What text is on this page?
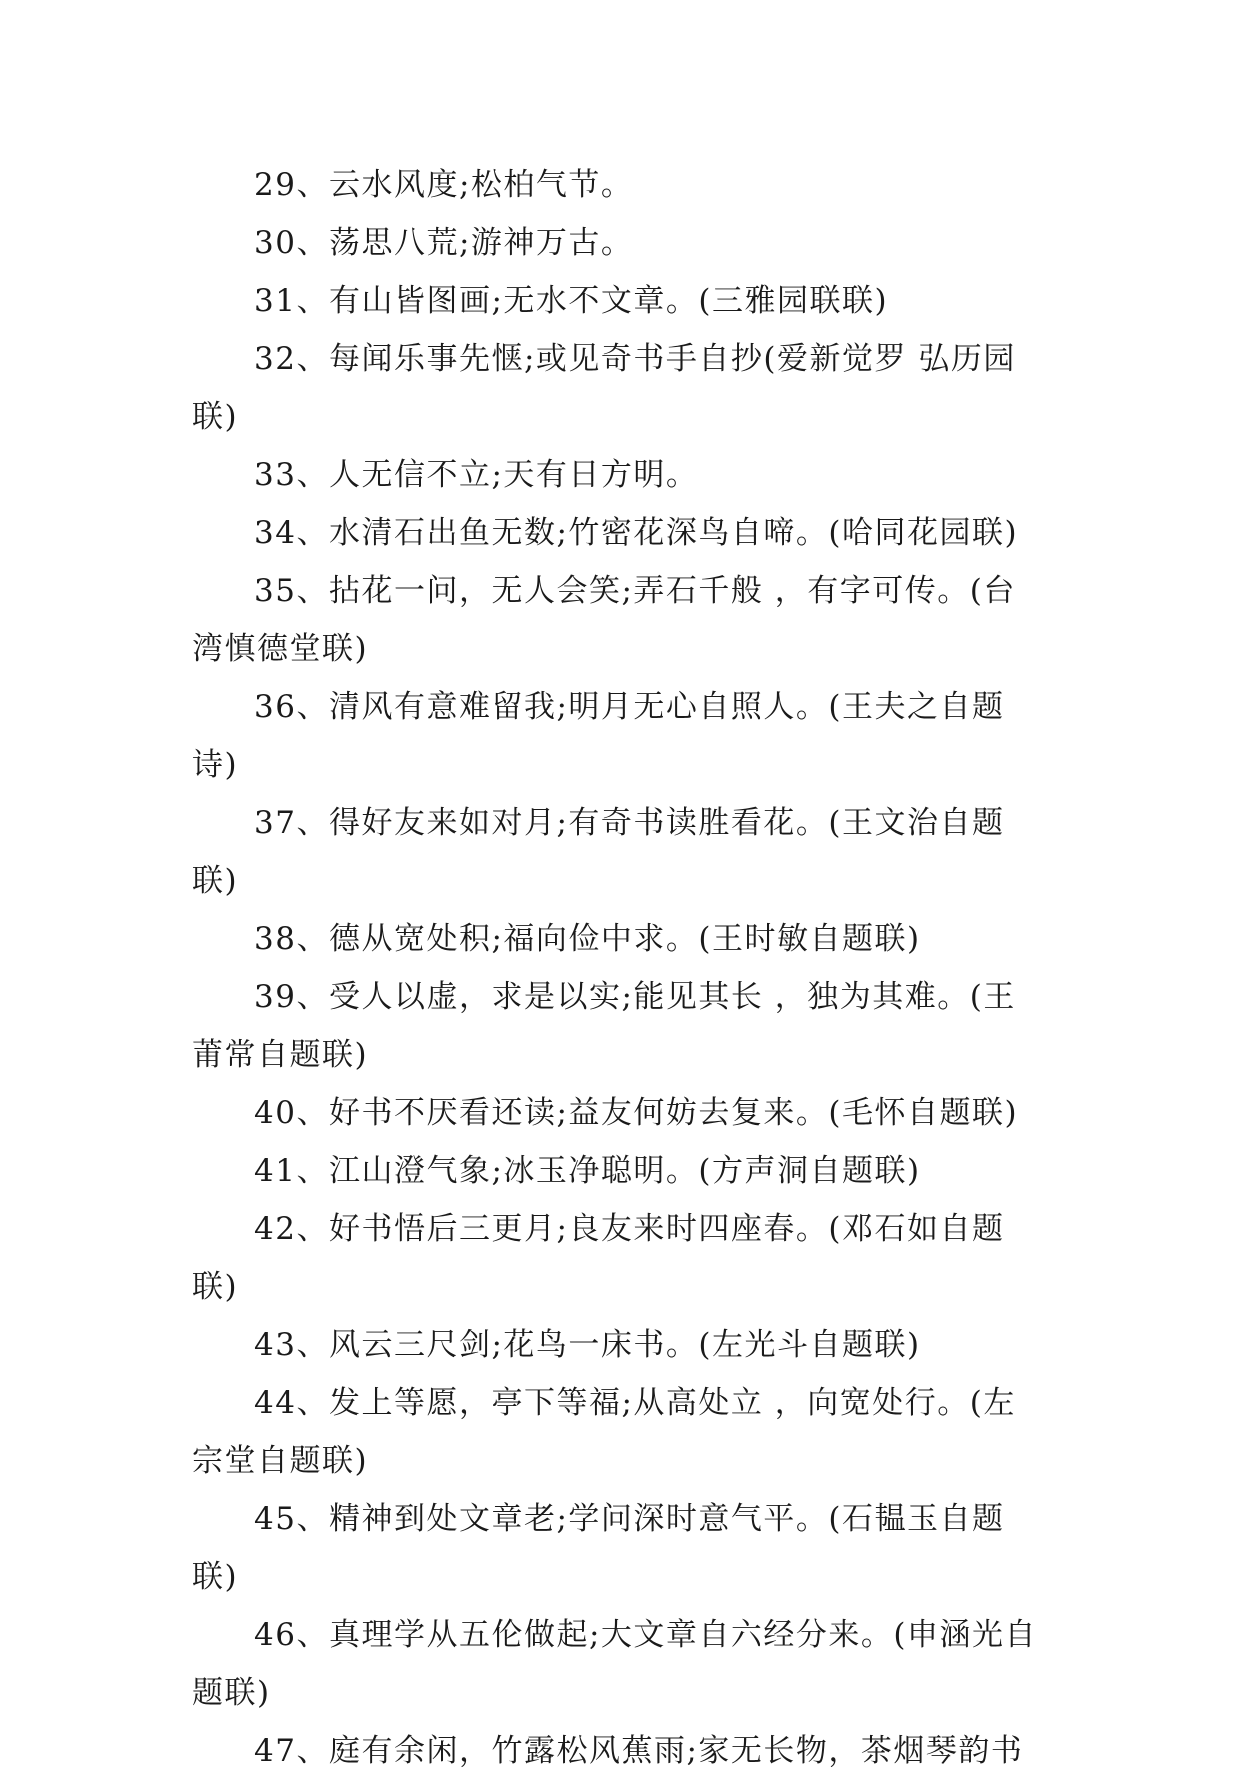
29、云水风度;松柏气节。

30、荡思八荒;游神万古。

31、有山皆图画;无水不文章。(三雅园联联)

32、每闻乐事先惬;或见奇书手自抄(爱新觉罗 弘历园联)

33、人无信不立;天有日方明。

34、水清石出鱼无数;竹密花深鸟自啼。(哈同花园联)

35、拈花一问，无人会笑;弄石千般 ，有字可传。(台湾慎德堂联)

36、清风有意难留我;明月无心自照人。(王夫之自题诗)

37、得好友来如对月;有奇书读胜看花。(王文治自题联)

38、德从宽处积;福向俭中求。(王时敏自题联)

39、受人以虚，求是以实;能见其长 ，独为其难。(王莆常自题联)

40、好书不厌看还读;益友何妨去复来。(毛怀自题联)

41、江山澄气象;冰玉净聪明。(方声洞自题联)

42、好书悟后三更月;良友来时四座春。(邓石如自题联)

43、风云三尺剑;花鸟一床书。(左光斗自题联)

44、发上等愿，亭下等福;从高处立 ，向宽处行。(左宗堂自题联)

45、精神到处文章老;学问深时意气平。(石韫玉自题联)

46、真理学从五伦做起;大文章自六经分来。(申涵光自题联)

47、庭有余闲，竹露松风蕉雨;家无长物，茶烟琴韵书
